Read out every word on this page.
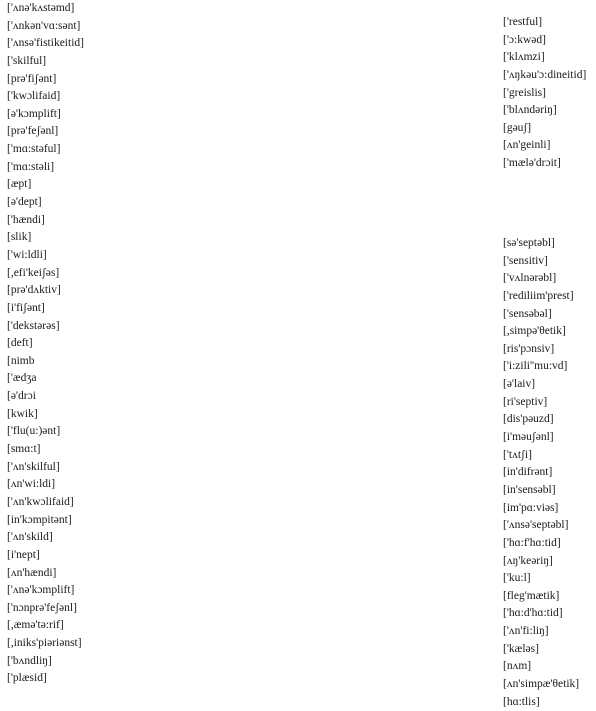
['ʌnə'kʌstəmd]
['ʌnkən'vɑ:sənt]
['ʌnsə'fistikeitid]
['skilful]
[prə'fiʃənt]
['kwɔlifaid]
[ə'kɔmplift]
[prə'feʃənl]
['mɑ:stəful]
['mɑ:stəli]
[æpt]
[ə'dept]
['hændi]
[slik]
['wi:ldli]
[,efi'keiʃəs]
[prə'dʌktiv]
[i'fiʃənt]
['dekstərəs]
[deft]
[nimb
['ædʒa
[ə'drɔi
[kwik]
['flu(u:)ənt]
[smɑ:t]
['ʌn'skilful]
[ʌn'wi:ldi]
['ʌn'kwɔlifaid]
[in'kɔmpitənt]
['ʌn'skild]
[i'nept]
[ʌn'hændi]
['ʌnə'kɔmplift]
['nɔnprə'feʃənl]
[,æmə'tə:rif]
[,iniks'piəriənst]
['bʌndliŋ]
['plæsid]
['restful]
['ɔ:kwəd]
['klʌmzi]
['ʌŋkəu'ɔ:dineitid]
['greislis]
['blʌndəriŋ]
[gəuʃ]
[ʌn'geinli]
['mælə'drɔit]
[sə'septəbl]
['sensitiv]
['vʌlnərəbl]
['rediliim'prest]
['sensəbəl]
[,simpə'θetik]
[ris'pɔnsiv]
['i:zili''mu:vd]
[ə'laiv]
[ri'septiv]
[dis'pəuzd]
[i'məuʃənl]
['tʌtʃi]
[in'difrənt]
[in'sensəbl]
[im'pɑ:viəs]
['ʌnsə'septəbl]
['hɑ:f'hɑ:tid]
[ʌŋ'keəriŋ]
['ku:l]
[fleg'mætik]
['hɑ:d'hɑ:tid]
['ʌn'fi:liŋ]
['kæləs]
[nʌm]
[ʌn'simpæ'θetik]
[hɑ:tlis]
